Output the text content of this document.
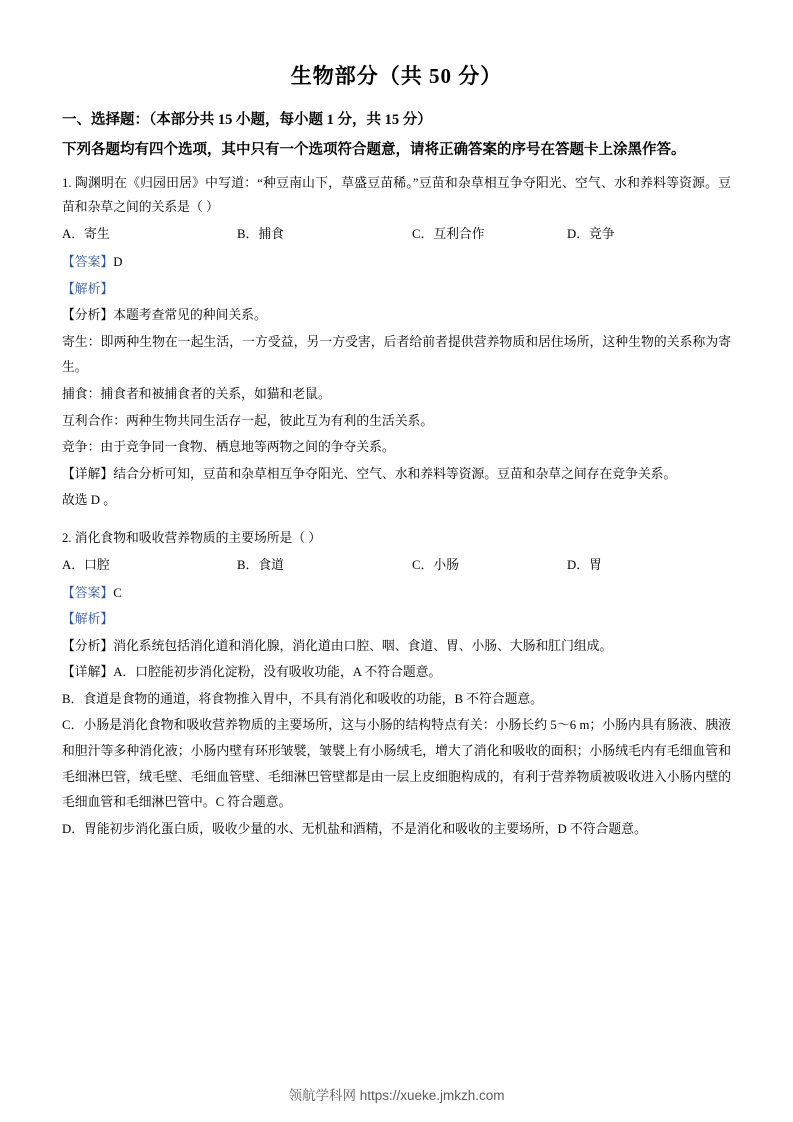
生物部分（共 50 分）
一、选择题：（本部分共 15 小题，每小题 1 分，共 15 分）
下列各题均有四个选项，其中只有一个选项符合题意，请将正确答案的序号在答题卡上涂黑作答。
1. 陶渊明在《归园田居》中写道：“种豆南山下，草盛豆苗稀。”豆苗和杂草相互争夺阳光、空气、水和养料等资源。豆苗和杂草之间的关系是（ ）
A．寄生	B．捕食	C．互利合作	D．竞争
【答案】D
【解析】
【分析】本题考查常见的种间关系。
寄生：即两种生物在一起生活，一方受益，另一方受害，后者给前者提供营养物质和居住场所，这种生物的关系称为寄生。
捕食：捕食者和被捕食者的关系，如猫和老鼠。
互利合作：两种生物共同生活存一起，彼此互为有利的生活关系。
竞争：由于竞争同一食物、栖息地等两物之间的争夺关系。
【详解】结合分析可知，豆苗和杂草相互争夺阳光、空气、水和养料等资源。豆苗和杂草之间存在竞争关系。
故选 D 。
2. 消化食物和吸收营养物质的主要场所是（ ）
A．口腔	B．食道	C．小肠	D．胃
【答案】C
【解析】
【分析】消化系统包括消化道和消化腺，消化道由口腔、咽、食道、胃、小肠、大肠和肛门组成。
【详解】A．口腔能初步消化淀粉，没有吸收功能，A 不符合题意。
B．食道是食物的通道，将食物推入胃中，不具有消化和吸收的功能，B 不符合题意。
C．小肠是消化食物和吸收营养物质的主要场所，这与小肠的结构特点有关：小肠长约 5～6 m；小肠内具有肠液、胰液和胆汁等多种消化液；小肠内壁有环形皱襞，皱襞上有小肠绒毛，增大了消化和吸收的面积；小肠绒毛内有毛细血管和毛细淋巴管，绒毛壁、毛细血管壁、毛细淋巴管壁都是由一层上皮细胞构成的，有利于营养物质被吸收进入小肠内壁的毛细血管和毛细淋巴管中。C 符合题意。
D．胃能初步消化蛋白质，吸收少量的水、无机盐和酒精，不是消化和吸收的主要场所，D 不符合题意。
领航学科网 https://xueke.jmkzh.com
